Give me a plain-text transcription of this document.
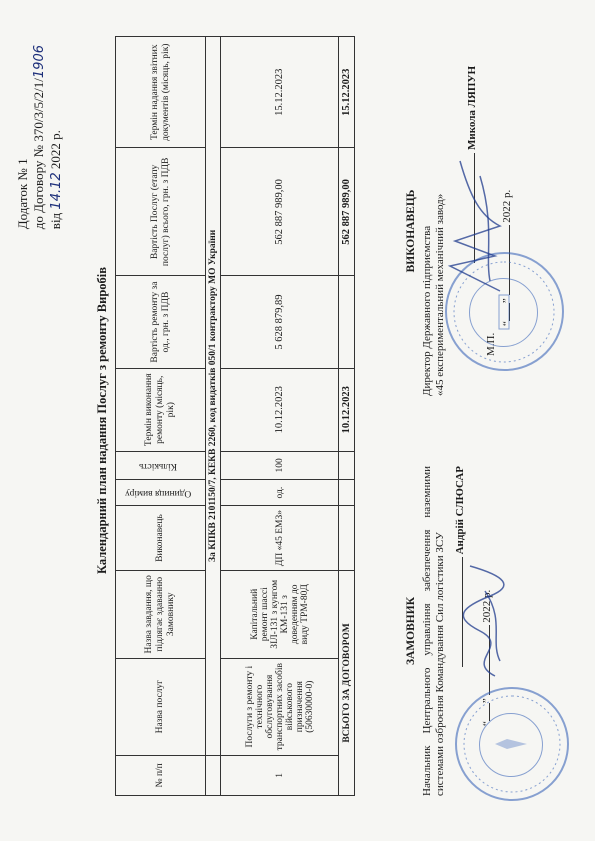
Додаток № 1 до Договору № 370/3/5/2/1/1906
від 14.12 2022 р.
Календарний план надання Послуг з ремонту Виробів
№ п/п	Назва послуг	Назва завдання, що підлягає здаванню Замовнику	Виконавець	Одиниця виміру	Кількість	Термін виконання ремонту (місяць, рік)	Вартість ремонту за од., грн. з ПДВ	Вартість Послуг (етапу послуг) всього, грн. з ПДВ	Термін надання звітних документів (місяць, рік)
	За КПКВ 2101150/7, КЕКВ 2260, код видатків 050/1 контрактору МО України								
1	Послуги з ремонту і технічного обслуговування транспортних засобів військового призначення (50630000-0)	Капітальний ремонт шассі ЗІЛ-131 з кунгом КМ-131 з доведенням до виду ТРМ-80Д	ДП «45 ЕМЗ»	од.	100	10.12.2023	5 628 879,89	562 887 989,00	15.12.2023
ВСЬОГО ЗА ДОГОВОРОМ						10.12.2023		562 887 989,00	15.12.2023
ЗАМОВНИК Начальник Центрального управління забезпечення наземними системами озброєння Командування Сил логістики ЗСУ
Андрій СЛЮСАР
“”  2022 р.
ВИКОНАВЕЦЬ Директор Державного підприємства «45 експериментальний механічний завод»
Микола ЛЯПУН
М.П.
“”  2022 р.
